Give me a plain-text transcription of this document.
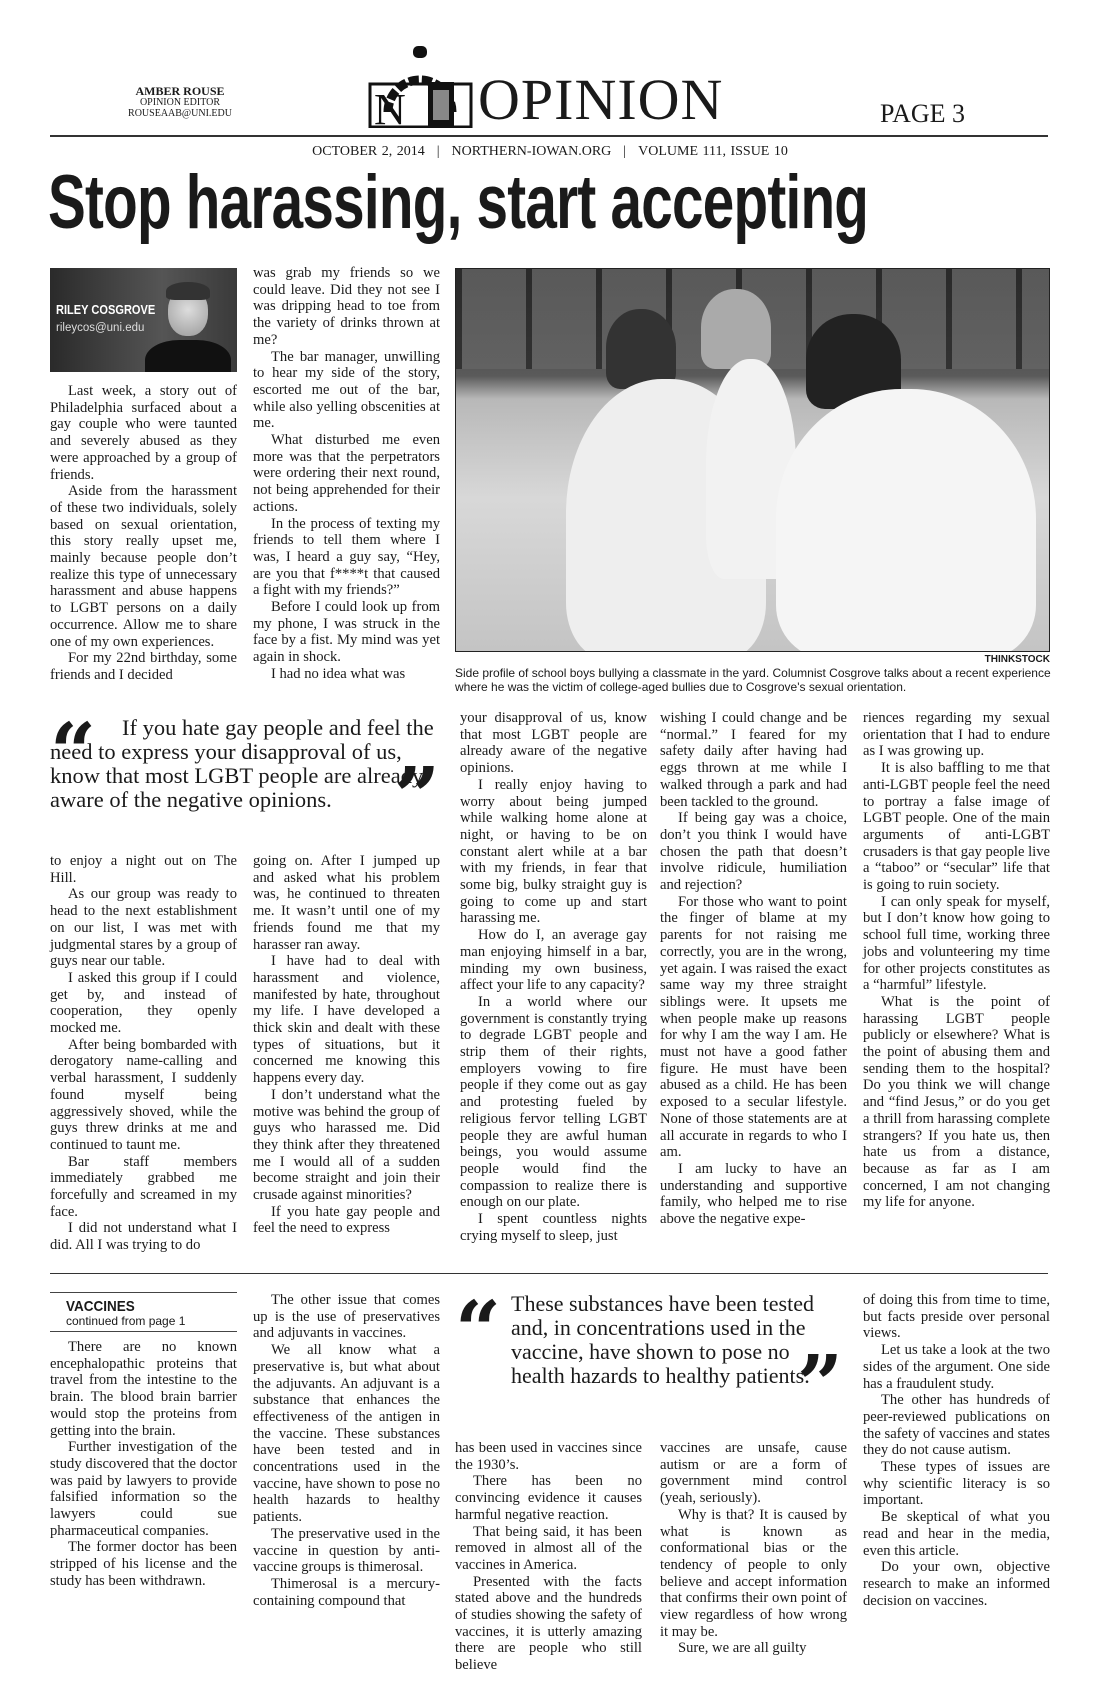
AMBER ROUSE
OPINION EDITOR
ROUSEAAB@UNI.EDU	N OPINION	PAGE 3
OCTOBER 2, 2014 | NORTHERN-IOWAN.ORG | VOLUME 111, ISSUE 10
Stop harassing, start accepting
RILEY COSGROVE
rileycos@uni.edu
THINKSTOCK
Side profile of school boys bullying a classmate in the yard. Columnist Cosgrove talks about a recent experience where he was the victim of college-aged bullies due to Cosgrove's sexual orientation.

Last week, a story out of Philadelphia surfaced about a gay couple who were taunted and severely abused as they were approached by a group of friends.

Aside from the harassment of these two individuals, solely based on sexual orientation, this story really upset me, mainly because people don’t realize this type of unnecessary harassment and abuse happens to LGBT persons on a daily occurrence. Allow me to share one of my own experiences.

For my 22nd birthday, some friends and I decided

was grab my friends so we could leave. Did they not see I was dripping head to toe from the variety of drinks thrown at me?

The bar manager, unwilling to hear my side of the story, escorted me out of the bar, while also yelling obscenities at me.

What disturbed me even more was that the perpetrators were ordering their next round, not being apprehended for their actions.

In the process of texting my friends to tell them where I was, I heard a guy say, “Hey, are you that f****t that caused a fight with my friends?”

Before I could look up from my phone, I was struck in the face by a fist. My mind was yet again in shock.

I had no idea what was

“	If you hate gay people and feel the need to express your disapproval of us, know that most LGBT people are already aware of the negative opinions. ”

to enjoy a night out on The Hill.

As our group was ready to head to the next establishment on our list, I was met with judgmental stares by a group of guys near our table.

I asked this group if I could get by, and instead of cooperation, they openly mocked me.

After being bombarded with derogatory name-calling and verbal harassment, I suddenly found myself being aggressively shoved, while the guys threw drinks at me and continued to taunt me.

Bar staff members immediately grabbed me forcefully and screamed in my face.

I did not understand what I did. All I was trying to do

going on. After I jumped up and asked what his problem was, he continued to threaten me. It wasn’t until one of my friends found me that my harasser ran away.

I have had to deal with harassment and violence, manifested by hate, throughout my life. I have developed a thick skin and dealt with these types of situations, but it concerned me knowing this happens every day.

I don’t understand what the motive was behind the group of guys who harassed me. Did they think after they threatened me I would all of a sudden become straight and join their crusade against minorities?

If you hate gay people and feel the need to express

your disapproval of us, know that most LGBT people are already aware of the negative opinions.

I really enjoy having to worry about being jumped while walking home alone at night, or having to be on constant alert while at a bar with my friends, in fear that some big, bulky straight guy is going to come up and start harassing me.

How do I, an average gay man enjoying himself in a bar, minding my own business, affect your life to any capacity?

In a world where our government is constantly trying to degrade LGBT people and strip them of their rights, employers vowing to fire people if they come out as gay and protesting fueled by religious fervor telling LGBT people they are awful human beings, you would assume people would find the compassion to realize there is enough on our plate.

I spent countless nights crying myself to sleep, just

wishing I could change and be “normal.” I feared for my safety daily after having had eggs thrown at me while I walked through a park and had been tackled to the ground.

If being gay was a choice, don’t you think I would have chosen the path that doesn’t involve ridicule, humiliation and rejection?

For those who want to point the finger of blame at my parents for not raising me correctly, you are in the wrong, yet again. I was raised the exact same way my three straight siblings were. It upsets me when people make up reasons for why I am the way I am. He must not have a good father figure. He must have been abused as a child. He has been exposed to a secular lifestyle. None of those statements are at all accurate in regards to who I am.

I am lucky to have an understanding and supportive family, who helped me to rise above the negative expe-

riences regarding my sexual orientation that I had to endure as I was growing up.

It is also baffling to me that anti-LGBT people feel the need to portray a false image of LGBT people. One of the main arguments of anti-LGBT crusaders is that gay people live a “taboo” or “secular” life that is going to ruin society.

I can only speak for myself, but I don’t know how going to school full time, working three jobs and volunteering my time for other projects constitutes as a “harmful” lifestyle.

What is the point of harassing LGBT people publicly or elsewhere? What is the point of abusing them and sending them to the hospital? Do you think we will change and “find Jesus,” or do you get a thrill from harassing complete strangers? If you hate us, then hate us from a distance, because as far as I am concerned, I am not changing my life for anyone.

VACCINES
continued from page 1

There are no known encephalopathic proteins that travel from the intestine to the brain. The blood brain barrier would stop the proteins from getting into the brain.

Further investigation of the study discovered that the doctor was paid by lawyers to provide falsified information so the lawyers could sue pharmaceutical companies.

The former doctor has been stripped of his license and the study has been withdrawn.

The other issue that comes up is the use of preservatives and adjuvants in vaccines.

We all know what a preservative is, but what about the adjuvants. An adjuvant is a substance that enhances the effectiveness of the antigen in the vaccine. These substances have been tested and in concentrations used in the vaccine, have shown to pose no health hazards to healthy patients.

The preservative used in the vaccine in question by anti-vaccine groups is thimerosal.

Thimerosal is a mercury-containing compound that

“ These substances have been tested and, in concentrations used in the vaccine, have shown to pose no health hazards to healthy patients.
”

has been used in vaccines since the 1930’s.

There has been no convincing evidence it causes harmful negative reaction.

That being said, it has been removed in almost all of the vaccines in America.

Presented with the facts stated above and the hundreds of studies showing the safety of vaccines, it is utterly amazing there are people who still believe

vaccines are unsafe, cause autism or are a form of government mind control (yeah, seriously).

Why is that? It is caused by what is known as conformational bias or the tendency of people to only believe and accept information that confirms their own point of view regardless of how wrong it may be.

Sure, we are all guilty

of doing this from time to time, but facts preside over personal views.

Let us take a look at the two sides of the argument. One side has a fraudulent study.

The other has hundreds of peer-reviewed publications on the safety of vaccines and states they do not cause autism.

These types of issues are why scientific literacy is so important.

Be skeptical of what you read and hear in the media, even this article.

Do your own, objective research to make an informed decision on vaccines.
